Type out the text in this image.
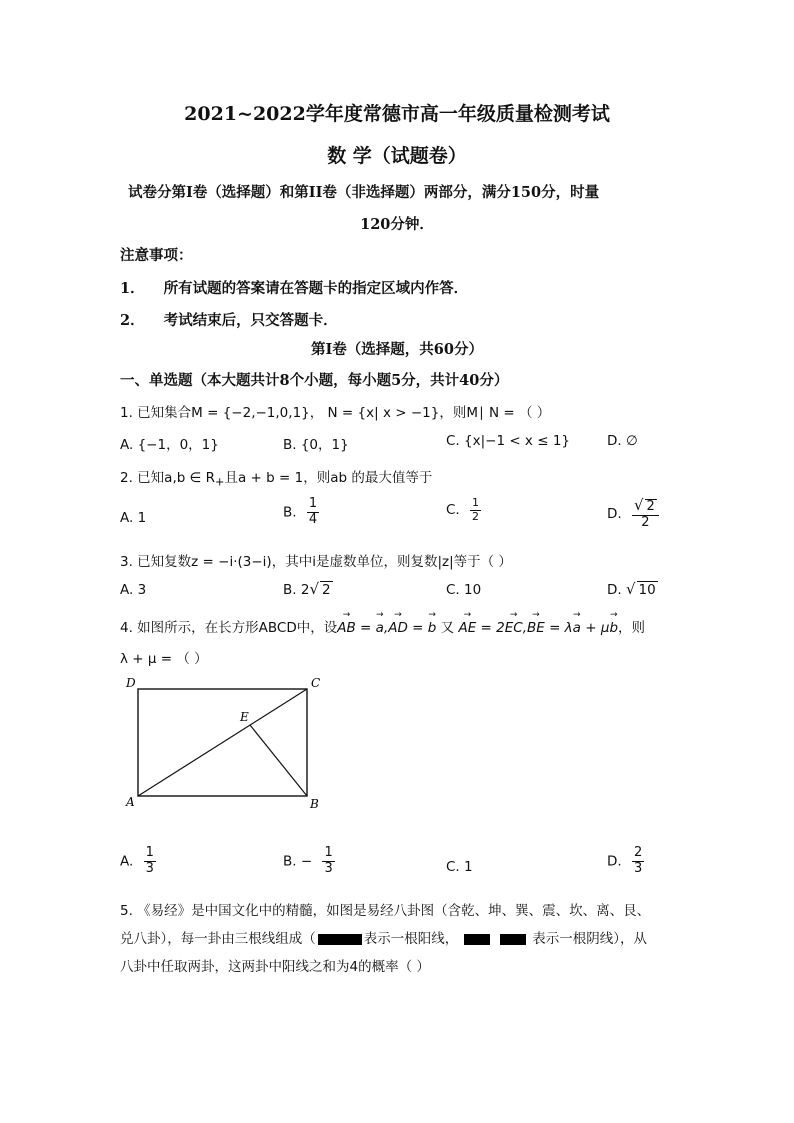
2021~2022学年度常德市高一年级质量检测考试
数 学（试题卷）
试卷分第I卷（选择题）和第II卷（非选择题）两部分，满分150分，时量
120分钟．
注意事项：
1． 所有试题的答案请在答题卡的指定区域内作答．
2． 考试结束后，只交答题卡．
第I卷（选择题，共60分）
一、单选题（本大题共计8个小题，每小题5分，共计40分）
1. 已知集合M = {−2,−1,0,1}， N = {x| x > −1}，则M∣ N = （ ）
A. {−1，0，1}	B. {0，1}	C. {x|−1 < x ≤ 1}	D. ∅
2. 已知a,b ∈ $R_+$且a + b = 1，则ab 的最大值等于
A. 1	B. $\frac{1}{4}$	C. $\frac{1}{2}$	D. $\frac{√ 2}{2}$
3. 已知复数z = −i·(3−i)，其中i是虚数单位，则复数|z|等于（ ）
A. 3	B. 2√ 2	C. 10	D. √ 10
4. 如图所示，在长方形ABCD中，设→ AB = → a,→ AD = → b 又 → AE = 2→ EC,→ BE = λ→ a + μ→ b，则
λ + μ = （ ）
D	C
E
A	B
A. $\frac{1}{3}$	B. − $\frac{1}{3}$	C. 1	D. $\frac{2}{3}$
5. 《易经》是中国文化中的精髓，如图是易经八卦图（含乾、坤、巽、震、坎、离、艮、
兑八卦），每一卦由三根线组成（	表示一根阳线，	表示一根阴线），从
八卦中任取两卦，这两卦中阳线之和为4的概率（ ）
